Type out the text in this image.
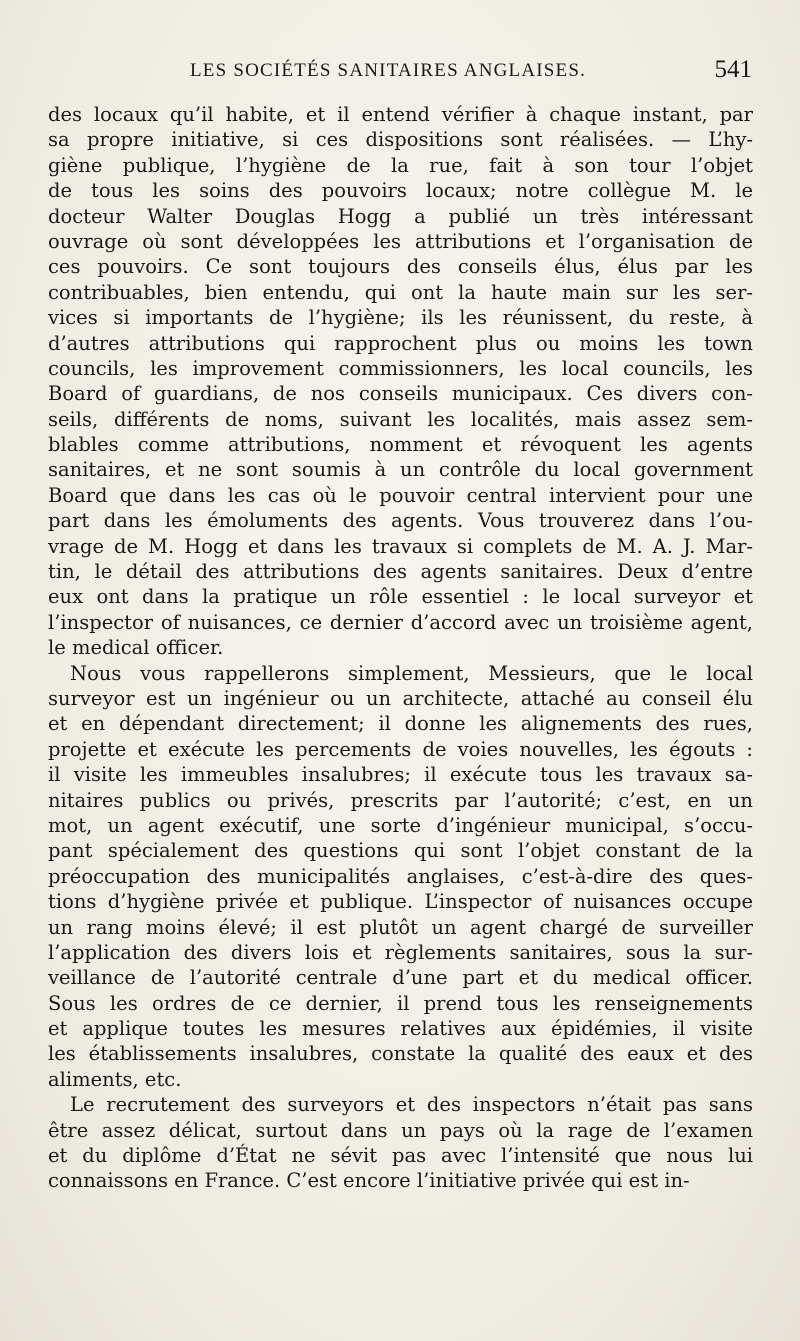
LES SOCIÉTÉS SANITAIRES ANGLAISES.	541
des locaux qu’il habite, et il entend vérifier à chaque instant, par
sa propre initiative, si ces dispositions sont réalisées. — L’hy-
giène publique, l’hygiène de la rue, fait à son tour l’objet
de tous les soins des pouvoirs locaux; notre collègue M. le
docteur Walter Douglas Hogg a publié un très intéressant
ouvrage où sont développées les attributions et l’organisation de
ces pouvoirs. Ce sont toujours des conseils élus, élus par les
contribuables, bien entendu, qui ont la haute main sur les ser-
vices si importants de l’hygiène; ils les réunissent, du reste, à
d’autres attributions qui rapprochent plus ou moins les town
councils, les improvement commissionners, les local councils, les
Board of guardians, de nos conseils municipaux. Ces divers con-
seils, différents de noms, suivant les localités, mais assez sem-
blables comme attributions, nomment et révoquent les agents
sanitaires, et ne sont soumis à un contrôle du local government
Board que dans les cas où le pouvoir central intervient pour une
part dans les émoluments des agents. Vous trouverez dans l’ou-
vrage de M. Hogg et dans les travaux si complets de M. A. J. Mar-
tin, le détail des attributions des agents sanitaires. Deux d’entre
eux ont dans la pratique un rôle essentiel : le local surveyor et
l’inspector of nuisances, ce dernier d’accord avec un troisième agent,
le medical officer.
Nous vous rappellerons simplement, Messieurs, que le local
surveyor est un ingénieur ou un architecte, attaché au conseil élu
et en dépendant directement; il donne les alignements des rues,
projette et exécute les percements de voies nouvelles, les égouts :
il visite les immeubles insalubres; il exécute tous les travaux sa-
nitaires publics ou privés, prescrits par l’autorité; c’est, en un
mot, un agent exécutif, une sorte d’ingénieur municipal, s’occu-
pant spécialement des questions qui sont l’objet constant de la
préoccupation des municipalités anglaises, c’est-à-dire des ques-
tions d’hygiène privée et publique. L’inspector of nuisances occupe
un rang moins élevé; il est plutôt un agent chargé de surveiller
l’application des divers lois et règlements sanitaires, sous la sur-
veillance de l’autorité centrale d’une part et du medical officer.
Sous les ordres de ce dernier, il prend tous les renseignements
et applique toutes les mesures relatives aux épidémies, il visite
les établissements insalubres, constate la qualité des eaux et des
aliments, etc.
Le recrutement des surveyors et des inspectors n’était pas sans
être assez délicat, surtout dans un pays où la rage de l’examen
et du diplôme d’État ne sévit pas avec l’intensité que nous lui
connaissons en France. C’est encore l’initiative privée qui est in-
